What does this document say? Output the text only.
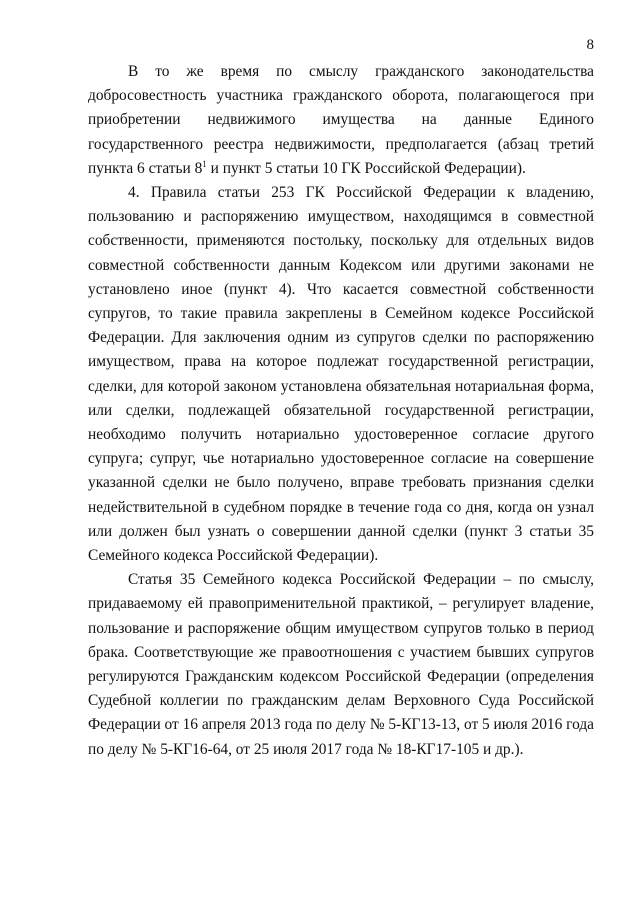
8

В то же время по смыслу гражданского законодательства добросовестность участника гражданского оборота, полагающегося при приобретении недвижимого имущества на данные Единого государственного реестра недвижимости, предполагается (абзац третий пункта 6 статьи $8^1$ и пункт 5 статьи 10 ГК Российской Федерации).

4. Правила статьи 253 ГК Российской Федерации к владению, пользованию и распоряжению имуществом, находящимся в совместной собственности, применяются постольку, поскольку для отдельных видов совместной собственности данным Кодексом или другими законами не установлено иное (пункт 4). Что касается совместной собственности супругов, то такие правила закреплены в Семейном кодексе Российской Федерации. Для заключения одним из супругов сделки по распоряжению имуществом, права на которое подлежат государственной регистрации, сделки, для которой законом установлена обязательная нотариальная форма, или сделки, подлежащей обязательной государственной регистрации, необходимо получить нотариально удостоверенное согласие другого супруга; супруг, чье нотариально удостоверенное согласие на совершение указанной сделки не было получено, вправе требовать признания сделки недействительной в судебном порядке в течение года со дня, когда он узнал или должен был узнать о совершении данной сделки (пункт 3 статьи 35 Семейного кодекса Российской Федерации).

Статья 35 Семейного кодекса Российской Федерации – по смыслу, придаваемому ей правоприменительной практикой, – регулирует владение, пользование и распоряжение общим имуществом супругов только в период брака. Соответствующие же правоотношения с участием бывших супругов регулируются Гражданским кодексом Российской Федерации (определения Судебной коллегии по гражданским делам Верховного Суда Российской Федерации от 16 апреля 2013 года по делу № 5-КГ13-13, от 5 июля 2016 года по делу № 5-КГ16-64, от 25 июля 2017 года № 18-КГ17-105 и др.).
